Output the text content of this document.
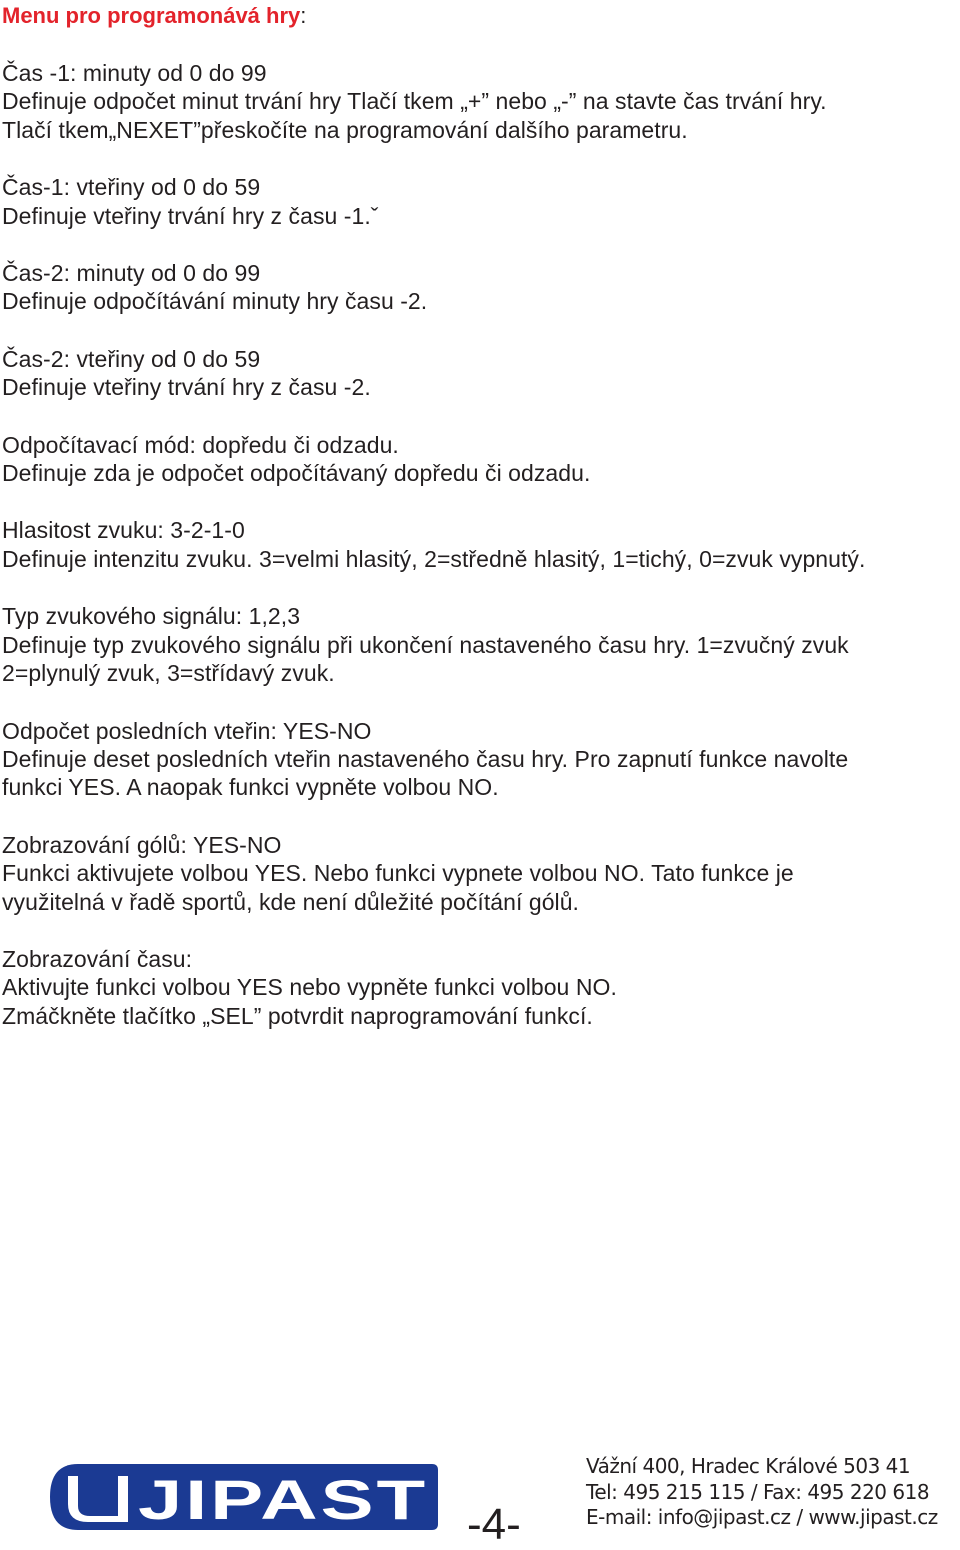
Menu pro programonává hry:
Čas -1: minuty od 0 do 99
Definuje odpočet minut trvání hry Tlačí tkem „+” nebo „-” na stavte čas trvání hry.
Tlačí tkem„NEXET”přeskočíte na programování dalšího parametru.
Čas-1: vteřiny od 0 do 59
Definuje vteřiny trvání hry z času -1.ˇ
Čas-2: minuty od 0 do 99
Definuje odpočítávání minuty hry času -2.
Čas-2: vteřiny od 0 do 59
Definuje vteřiny trvání hry z času -2.
Odpočítavací mód: dopředu či odzadu.
Definuje zda je odpočet odpočítávaný dopředu či odzadu.
Hlasitost zvuku: 3-2-1-0
Definuje intenzitu zvuku. 3=velmi hlasitý, 2=středně hlasitý, 1=tichý, 0=zvuk vypnutý.
Typ zvukového signálu: 1,2,3
Definuje typ zvukového signálu při ukončení nastaveného času hry. 1=zvučný zvuk
2=plynulý zvuk, 3=střídavý zvuk.
Odpočet posledních vteřin: YES-NO
Definuje deset posledních vteřin nastaveného času hry. Pro zapnutí funkce navolte
funkci YES. A naopak funkci vypněte volbou NO.
Zobrazování gólů: YES-NO
Funkci aktivujete volbou YES. Nebo funkci vypnete volbou NO. Tato funkce je
využitelná v řadě sportů, kde není důležité počítání gólů.
Zobrazování času:
Aktivujte funkci volbou YES nebo vypněte funkci volbou NO.
Zmáčkněte tlačítko „SEL” potvrdit naprogramování funkcí.
JIPAST -4-
Vážní 400, Hradec Králové 503 41
Tel: 495 215 115 / Fax: 495 220 618
E-mail: info@jipast.cz / www.jipast.cz
